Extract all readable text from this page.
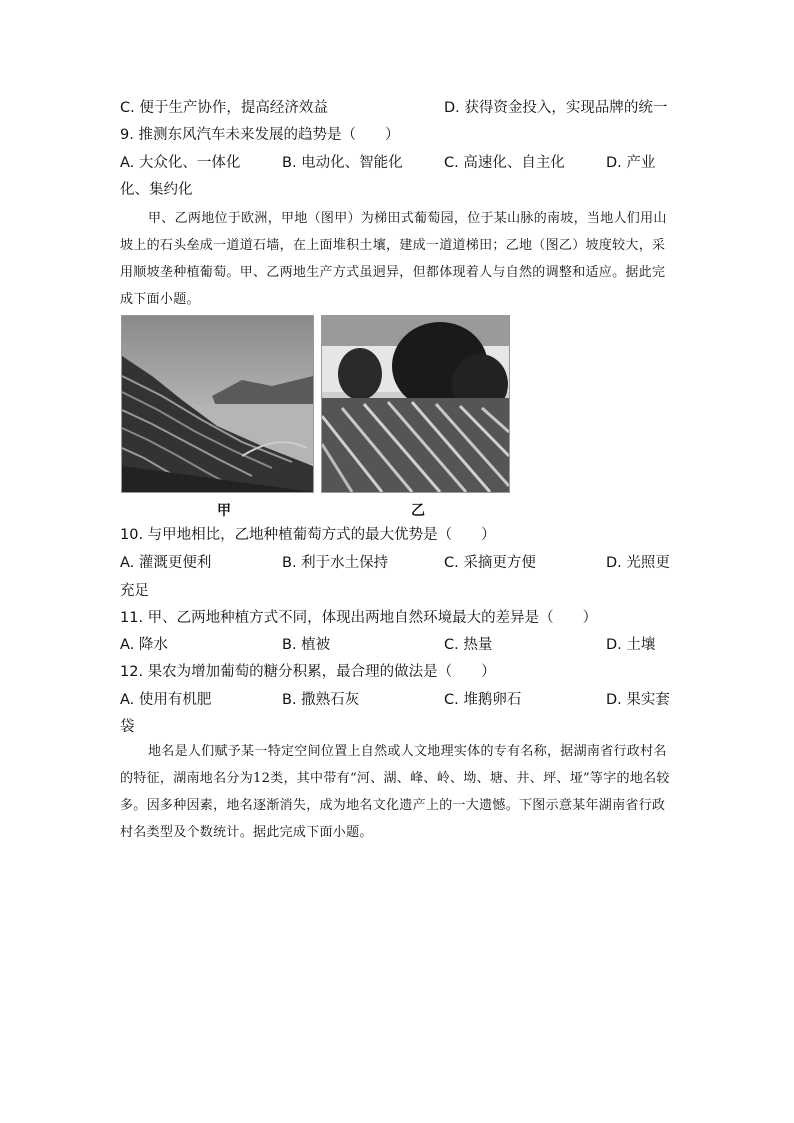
C. 便于生产协作，提高经济效益	D. 获得资金投入，实现品牌的统一
9. 推测东风汽车未来发展的趋势是（　　）
A. 大众化、一体化	B. 电动化、智能化	C. 高速化、自主化	D. 产业
化、集约化
甲、乙两地位于欧洲，甲地（图甲）为梯田式葡萄园，位于某山脉的南坡，当地人们用山坡上的石头垒成一道道石墙，在上面堆积土壤，建成一道道梯田；乙地（图乙）坡度较大，采用顺坡垄种植葡萄。甲、乙两地生产方式虽迥异，但都体现着人与自然的调整和适应。据此完成下面小题。
甲	乙
10. 与甲地相比，乙地种植葡萄方式的最大优势是（　　）
A. 灌溉更便利	B. 利于水土保持	C. 采摘更方便	D. 光照更
充足
11. 甲、乙两地种植方式不同，体现出两地自然环境最大的差异是（　　）
A. 降水	B. 植被	C. 热量	D. 土壤
12. 果农为增加葡萄的糖分积累，最合理的做法是（　　）
A. 使用有机肥	B. 撒熟石灰	C. 堆鹅卵石	D. 果实套
袋
地名是人们赋予某一特定空间位置上自然或人文地理实体的专有名称，据湖南省行政村名的特征，湖南地名分为12类，其中带有“河、湖、峰、岭、坳、塘、井、坪、垭”等字的地名较多。因多种因素，地名逐渐消失，成为地名文化遗产上的一大遗憾。下图示意某年湖南省行政村名类型及个数统计。据此完成下面小题。
